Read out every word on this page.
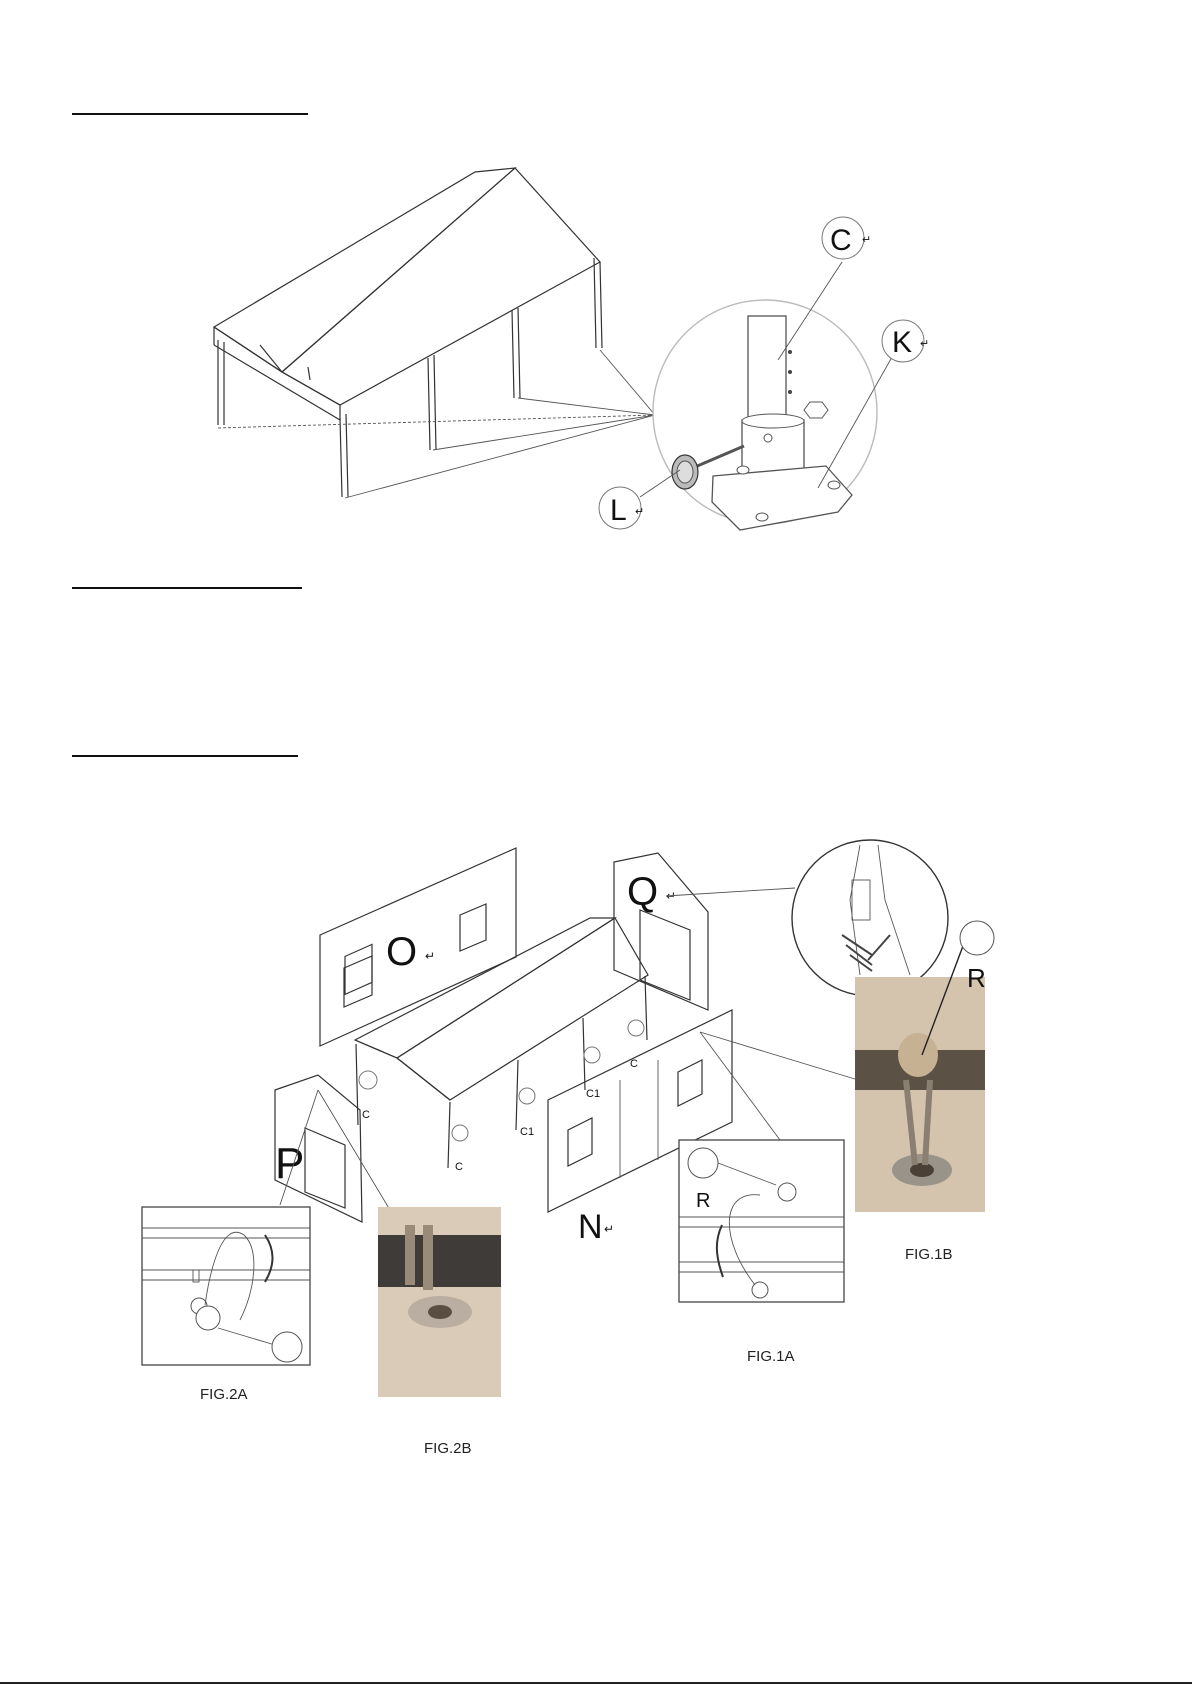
C ↵
K ↵
L ↵
O ↵
C
C1
C1
C
C
Q ↵
N ↵
P
R
FIG.1A
R
FIG.1B
FIG.2A
FIG.2B
